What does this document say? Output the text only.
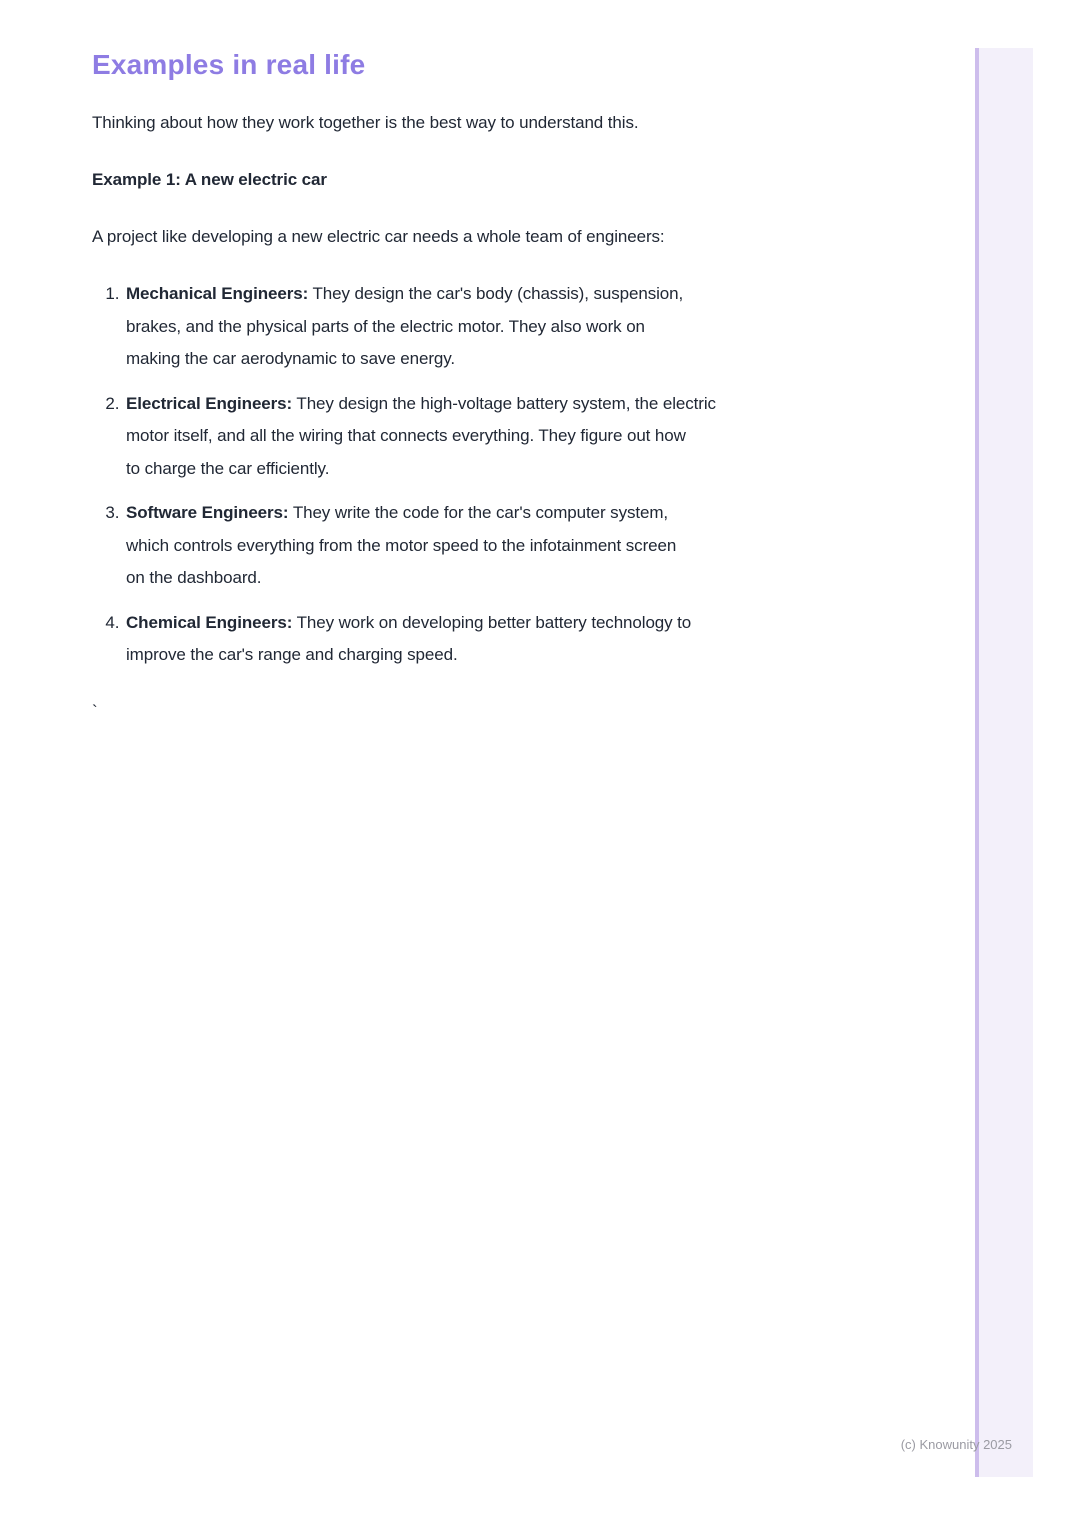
Examples in real life

Thinking about how they work together is the best way to understand this.

Example 1: A new electric car

A project like developing a new electric car needs a whole team of engineers:

1. Mechanical Engineers: They design the car's body (chassis), suspension,
brakes, and the physical parts of the electric motor. They also work on
making the car aerodynamic to save energy.
2. Electrical Engineers: They design the high-voltage battery system, the electric
motor itself, and all the wiring that connects everything. They figure out how
to charge the car efficiently.
3. Software Engineers: They write the code for the car's computer system,
which controls everything from the motor speed to the infotainment screen
on the dashboard.
4. Chemical Engineers: They work on developing better battery technology to
improve the car's range and charging speed.

`

(c) Knowunity 2025
